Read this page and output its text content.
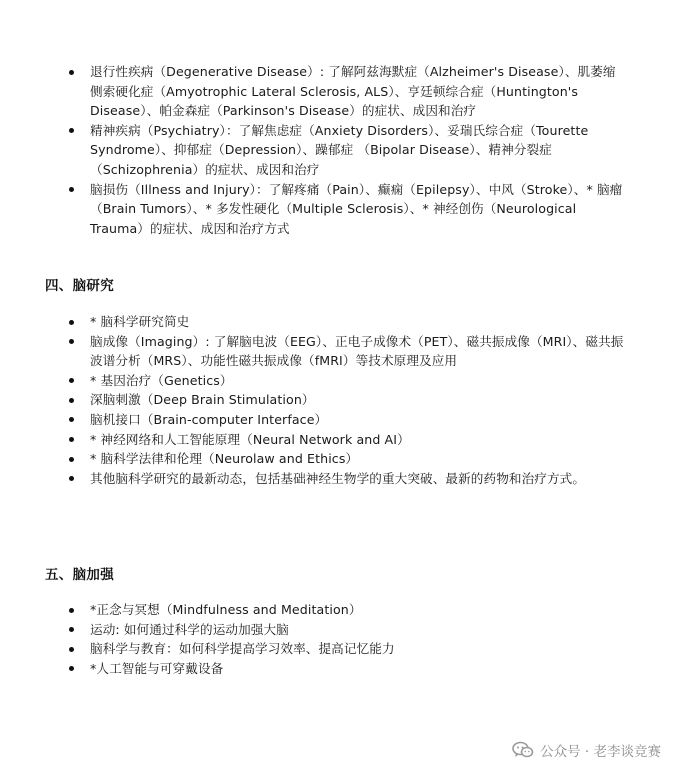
退行性疾病（Degenerative Disease）: 了解阿兹海默症（Alzheimer's Disease）、肌萎缩侧索硬化症（Amyotrophic Lateral Sclerosis, ALS）、亨廷顿综合症（Huntington's Disease）、帕金森症（Parkinson's Disease）的症状、成因和治疗
精神疾病（Psychiatry）：了解焦虑症（Anxiety Disorders）、妥瑞氏综合症（Tourette Syndrome）、抑郁症（Depression）、躁郁症 （Bipolar Disease）、精神分裂症（Schizophrenia）的症状、成因和治疗
脑损伤（Illness and Injury）：了解疼痛（Pain）、癫痫（Epilepsy）、中风（Stroke）、* 脑瘤（Brain Tumors）、* 多发性硬化（Multiple Sclerosis）、* 神经创伤（Neurological Trauma）的症状、成因和治疗方式
四、脑研究
* 脑科学研究简史
脑成像（Imaging）: 了解脑电波（EEG）、正电子成像术（PET）、磁共振成像（MRI）、磁共振波谱分析（MRS）、功能性磁共振成像（fMRI）等技术原理及应用
* 基因治疗（Genetics）
深脑刺激（Deep Brain Stimulation）
脑机接口（Brain-computer Interface）
* 神经网络和人工智能原理（Neural Network and AI）
* 脑科学法律和伦理（Neurolaw and Ethics）
其他脑科学研究的最新动态，包括基础神经生物学的重大突破、最新的药物和治疗方式。
五、脑加强
*正念与冥想（Mindfulness and Meditation）
运动: 如何通过科学的运动加强大脑
脑科学与教育：如何科学提高学习效率、提高记忆能力
*人工智能与可穿戴设备
公众号 · 老李谈竞赛
